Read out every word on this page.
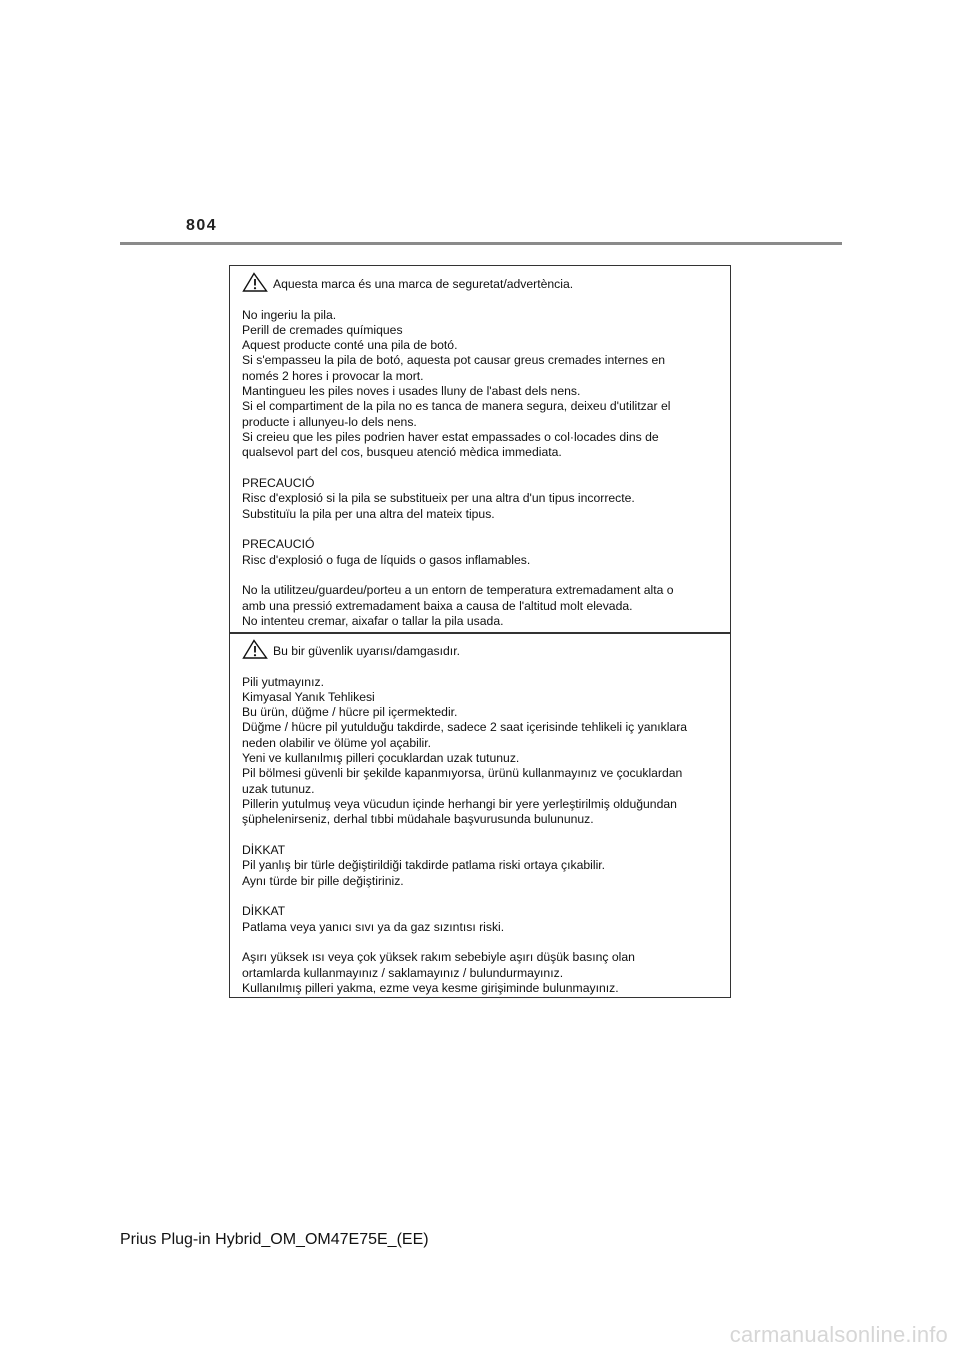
804
Aquesta marca és una marca de seguretat/advertència.

No ingeriu la pila.
Perill de cremades químiques
Aquest producte conté una pila de botó.
Si s'empasseu la pila de botó, aquesta pot causar greus cremades internes en
només 2 hores i provocar la mort.
Mantingueu les piles noves i usades lluny de l'abast dels nens.
Si el compartiment de la pila no es tanca de manera segura, deixeu d'utilitzar el
producte i allunyeu-lo dels nens.
Si creieu que les piles podrien haver estat empassades o col·locades dins de
qualsevol part del cos, busqueu atenció mèdica immediata.

PRECAUCIÓ
Risc d'explosió si la pila se substitueix per una altra d'un tipus incorrecte.
Substituïu la pila per una altra del mateix tipus.

PRECAUCIÓ
Risc d'explosió o fuga de líquids o gasos inflamables.

No la utilitzeu/guardeu/porteu a un entorn de temperatura extremadament alta o
amb una pressió extremadament baixa a causa de l'altitud molt elevada.
No intenteu cremar, aixafar o tallar la pila usada.

Bu bir güvenlik uyarısı/damgasıdır.

Pili yutmayınız.
Kimyasal Yanık Tehlikesi
Bu ürün, düğme / hücre pil içermektedir.
Düğme / hücre pil yutulduğu takdirde, sadece 2 saat içerisinde tehlikeli iç yanıklara
neden olabilir ve ölüme yol açabilir.
Yeni ve kullanılmış pilleri çocuklardan uzak tutunuz.
Pil bölmesi güvenli bir şekilde kapanmıyorsa, ürünü kullanmayınız ve çocuklardan
uzak tutunuz.
Pillerin yutulmuş veya vücudun içinde herhangi bir yere yerleştirilmiş olduğundan
şüphelenirseniz, derhal tıbbi müdahale başvurusunda bulununuz.

DİKKAT
Pil yanlış bir türle değiştirildiği takdirde patlama riski ortaya çıkabilir.
Aynı türde bir pille değiştiriniz.

DİKKAT
Patlama veya yanıcı sıvı ya da gaz sızıntısı riski.

Aşırı yüksek ısı veya çok yüksek rakım sebebiyle aşırı düşük basınç olan
ortamlarda kullanmayınız / saklamayınız / bulundurmayınız.
Kullanılmış pilleri yakma, ezme veya kesme girişiminde bulunmayınız.

Prius Plug-in Hybrid_OM_OM47E75E_(EE)
carmanualsonline.info
